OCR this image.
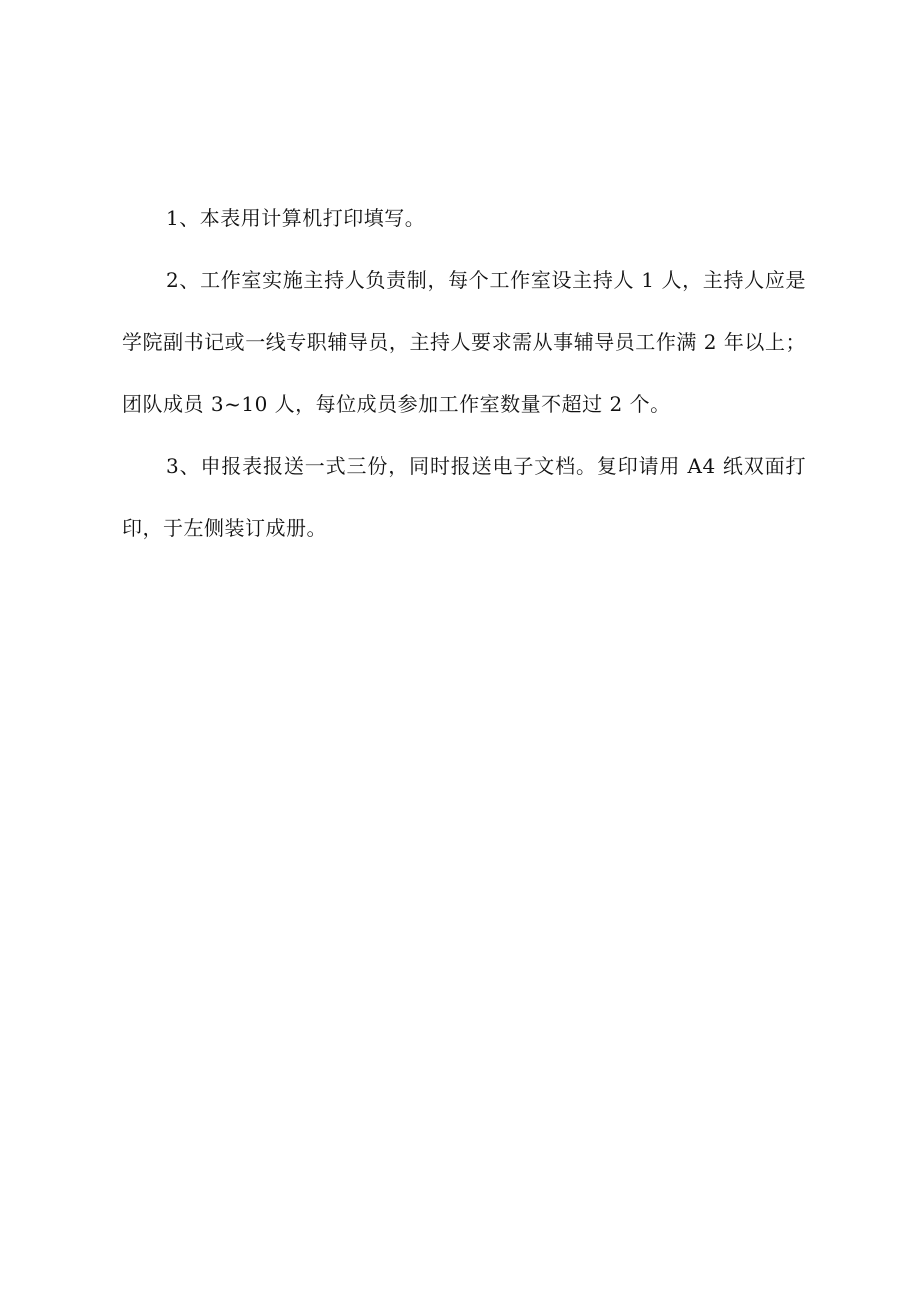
1、本表用计算机打印填写。

2、工作室实施主持人负责制，每个工作室设主持人 1 人，主持人应是学院副书记或一线专职辅导员，主持人要求需从事辅导员工作满 2 年以上；团队成员 3~10 人，每位成员参加工作室数量不超过 2 个。

3、申报表报送一式三份，同时报送电子文档。复印请用 A4 纸双面打印，于左侧装订成册。
